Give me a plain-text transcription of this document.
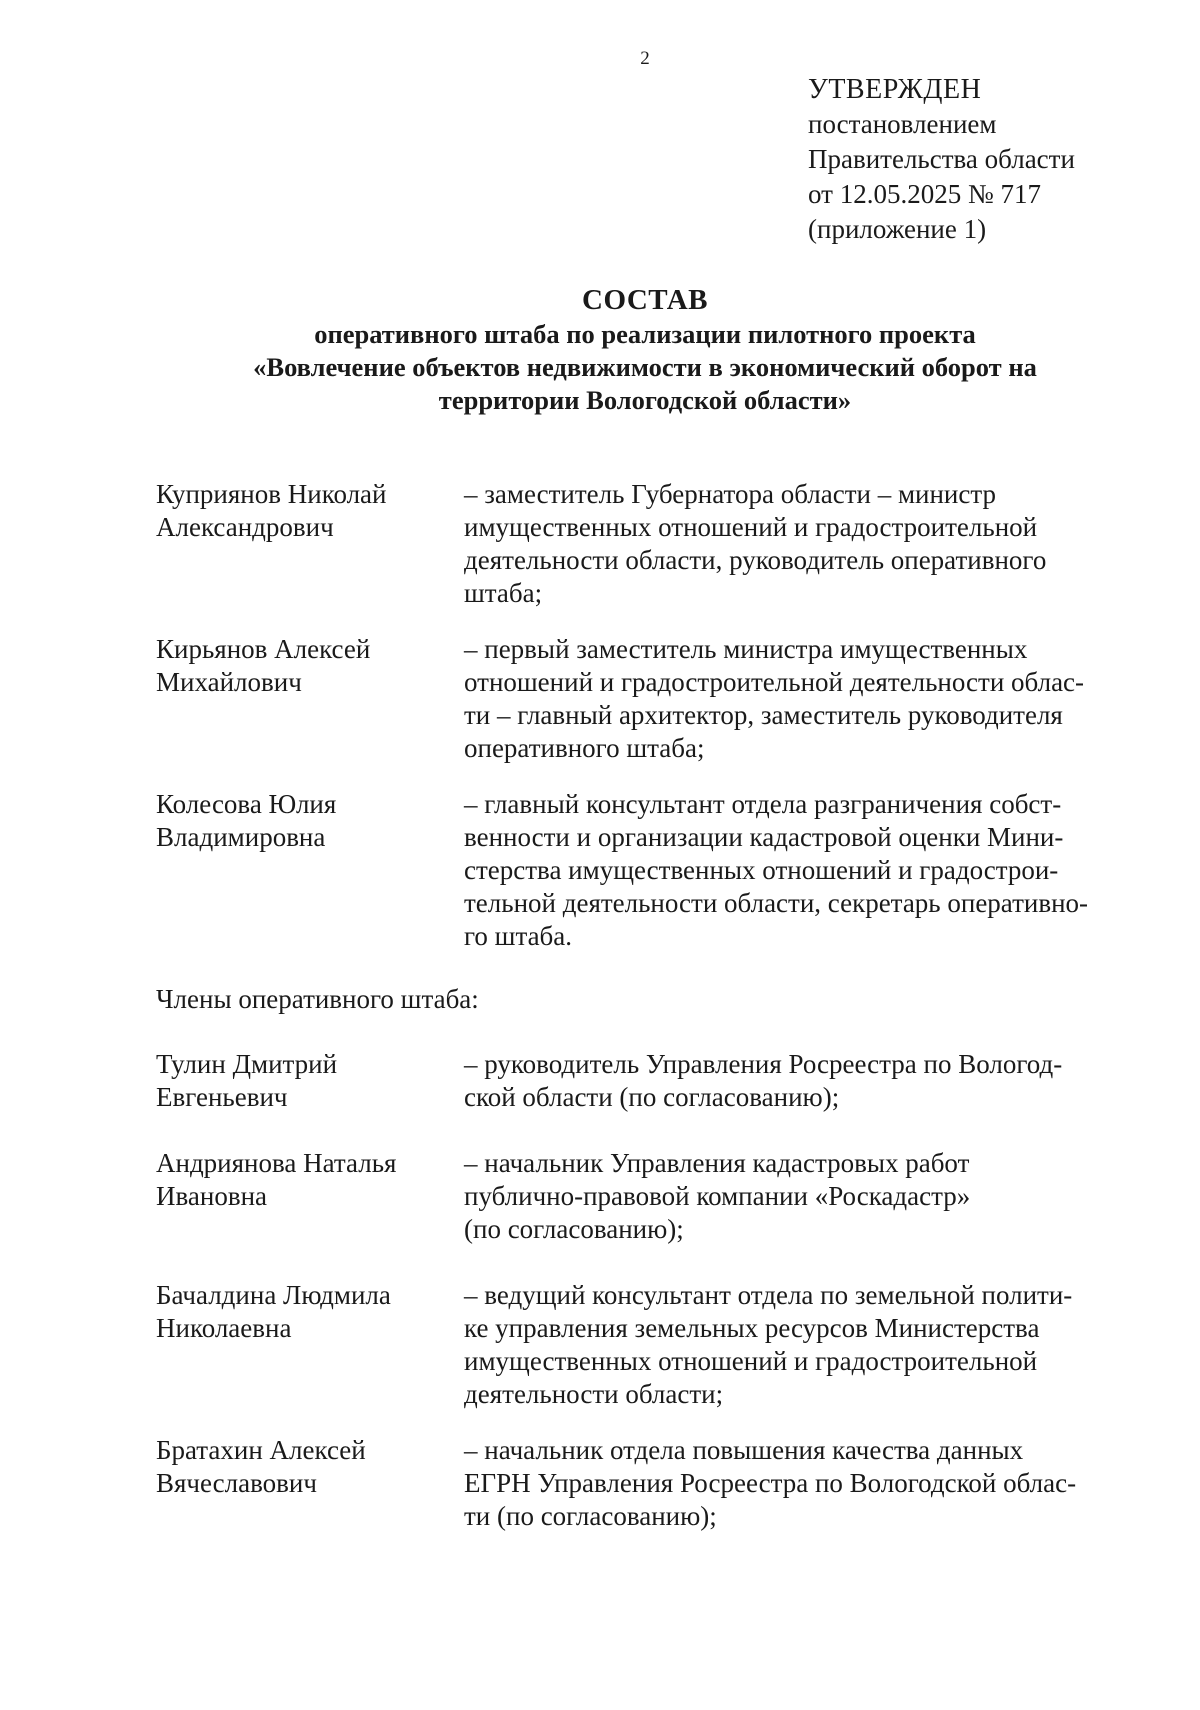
2
УТВЕРЖДЕН
постановлением
Правительства области
от 12.05.2025 № 717
(приложение 1)
СОСТАВ
оперативного штаба по реализации пилотного проекта
«Вовлечение объектов недвижимости в экономический оборот на
территории Вологодской области»
Куприянов Николай
Александрович
– заместитель Губернатора области – министр
имущественных отношений и градостроительной
деятельности области, руководитель оперативного
штаба;
Кирьянов Алексей
Михайлович
– первый заместитель министра имущественных
отношений и градостроительной деятельности облас-
ти – главный архитектор, заместитель руководителя
оперативного штаба;
Колесова Юлия
Владимировна
– главный консультант отдела разграничения собст-
венности и организации кадастровой оценки Мини-
стерства имущественных отношений и градострои-
тельной деятельности области, секретарь оперативно-
го штаба.
Члены оперативного штаба:
Тулин Дмитрий
Евгеньевич
– руководитель Управления Росреестра по Вологод-
ской области (по согласованию);
Андриянова Наталья
Ивановна
– начальник Управления кадастровых работ
публично-правовой компании «Роскадастр»
(по согласованию);
Бачалдина Людмила
Николаевна
– ведущий консультант отдела по земельной полити-
ке управления земельных ресурсов Министерства
имущественных отношений и градостроительной
деятельности области;
Братахин Алексей
Вячеславович
– начальник отдела повышения качества данных
ЕГРН Управления Росреестра по Вологодской облас-
ти (по согласованию);
